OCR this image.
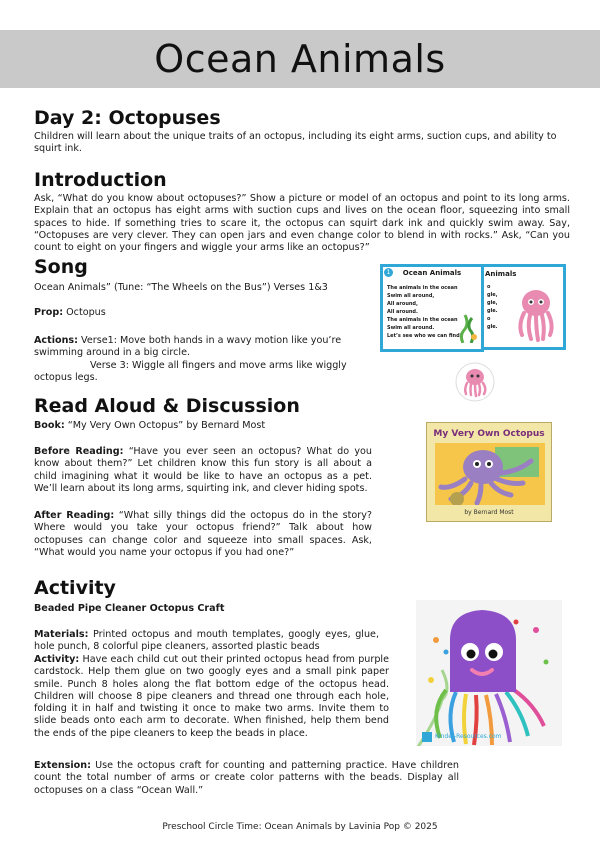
Ocean Animals
Day 2: Octopuses

Children will learn about the unique traits of an octopus, including its eight arms, suction cups, and ability to squirt ink.

Introduction

Ask, “What do you know about octopuses?” Show a picture or model of an octopus and point to its long arms. Explain that an octopus has eight arms with suction cups and lives on the ocean floor, squeezing into small spaces to hide. If something tries to scare it, the octopus can squirt dark ink and quickly swim away. Say, “Octopuses are very clever. They can open jars and even change color to blend in with rocks.” Ask, “Can you count to eight on your fingers and wiggle your arms like an octopus?”

Song

Ocean Animals” (Tune: “The Wheels on the Bus”) Verses 1&3

Prop: Octopus

Actions: Verse1: Move both hands in a wavy motion like you’re swimming around in a big circle.

Verse 3: Wiggle all fingers and move arms like wiggly octopus legs.

Animals
o
gle,
gle,
gle.
o
gle.
1	Ocean Animals
The animals in the ocean
Swim all around,
All around,
All around.
The animals in the ocean
Swim all around.
Let’s see who we can find!
Read Aloud & Discussion

Book: “My Very Own Octopus” by Bernard Most

Before Reading: “Have you ever seen an octopus? What do you know about them?” Let children know this fun story is all about a child imagining what it would be like to have an octopus as a pet. We’ll learn about its long arms, squirting ink, and clever hiding spots.

After Reading: “What silly things did the octopus do in the story? Where would you take your octopus friend?” Talk about how octopuses can change color and squeeze into small spaces. Ask, “What would you name your octopus if you had one?”

My Very Own Octopus
by Bernard Most
Activity

Beaded Pipe Cleaner Octopus Craft

Materials: Printed octopus and mouth templates, googly eyes, glue, hole punch, 8 colorful pipe cleaners, assorted plastic beads

Activity: Have each child cut out their printed octopus head from purple cardstock. Help them glue on two googly eyes and a small pink paper smile. Punch 8 holes along the flat bottom edge of the octopus head. Children will choose 8 pipe cleaners and thread one through each hole, folding it in half and twisting it once to make two arms. Invite them to slide beads onto each arm to decorate. When finished, help them bend the ends of the pipe cleaners to keep the beads in place.

Extension: Use the octopus craft for counting and patterning practice. Have children count the total number of arms or create color patterns with the beads. Display all octopuses on a class “Ocean Wall.”

Kinder-Resources.com
Preschool Circle Time: Ocean Animals by Lavinia Pop © 2025
